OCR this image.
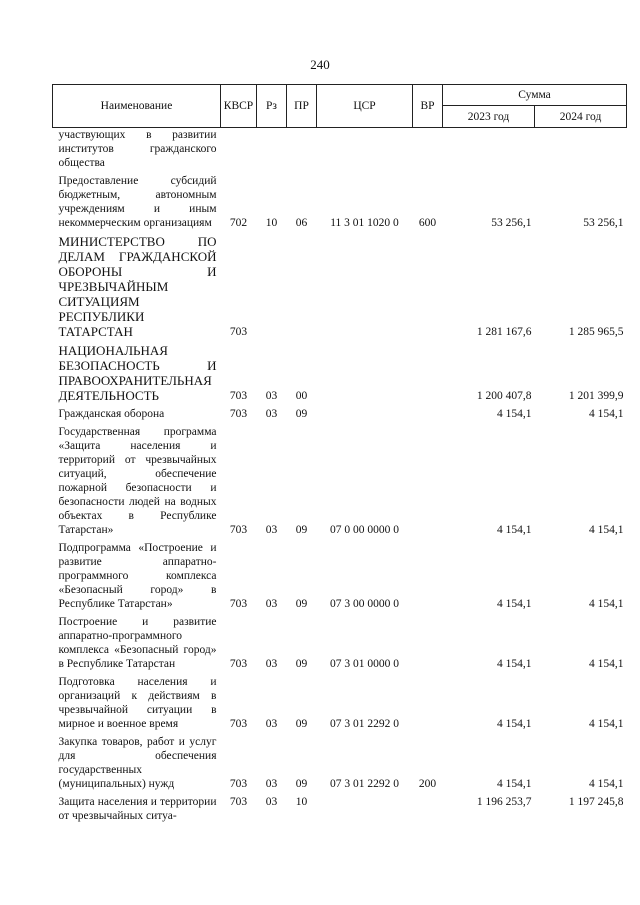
240
Наименование	КВСР	Рз	ПР	ЦСР	ВР	Сумма	
						2023 год	2024 год
участвующих в развитии институтов гражданского общества							
Предоставление субсидий бюджетным, автономным учреждениям и иным некоммерческим организациям	702	10	06	11 3 01 1020 0	600	53 256,1	53 256,1
МИНИСТЕРСТВО ПО ДЕЛАМ ГРАЖДАНСКОЙ ОБОРОНЫ И ЧРЕЗВЫЧАЙНЫМ СИТУАЦИЯМ РЕСПУБЛИКИ ТАТАРСТАН	703					1 281 167,6	1 285 965,5
НАЦИОНАЛЬНАЯ БЕЗОПАСНОСТЬ И ПРАВООХРАНИТЕЛЬНАЯ ДЕЯТЕЛЬНОСТЬ	703	03	00			1 200 407,8	1 201 399,9
Гражданская оборона	703	03	09			4 154,1	4 154,1
Государственная программа «Защита населения и территорий от чрезвычайных ситуаций, обеспечение пожарной безопасности и безопасности людей на водных объектах в Республике Татарстан»	703	03	09	07 0 00 0000 0		4 154,1	4 154,1
Подпрограмма «Построение и развитие аппаратно-программного комплекса «Безопасный город» в Республике Татарстан»	703	03	09	07 3 00 0000 0		4 154,1	4 154,1
Построение и развитие аппаратно-программного комплекса «Безопасный город» в Республике Татарстан	703	03	09	07 3 01 0000 0		4 154,1	4 154,1
Подготовка населения и организаций к действиям в чрезвычайной ситуации в мирное и военное время	703	03	09	07 3 01 2292 0		4 154,1	4 154,1
Закупка товаров, работ и услуг для обеспечения государственных (муниципальных) нужд	703	03	09	07 3 01 2292 0	200	4 154,1	4 154,1
Защита населения и территории от чрезвычайных ситуа-	703	03	10			1 196 253,7	1 197 245,8
